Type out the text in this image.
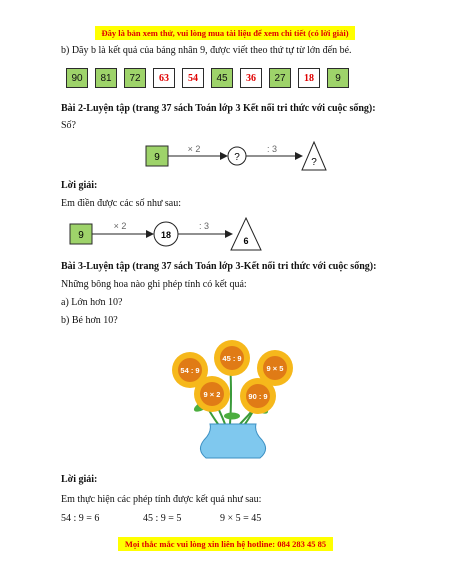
Đây là bản xem thử, vui lòng mua tài liệu để xem chi tiết (có lời giải)
b) Dãy b là kết quả của bảng nhân 9, được viết theo thứ tự từ lớn đến bé.
90	81	72	63	54	45	36	27	18	9
Bài 2-Luyện tập (trang 37 sách Toán lớp 3 Kết nối tri thức với cuộc sống):
Số?
9
× 2
?
: 3
?
Lời giải:
Em điền được các số như sau:
9
× 2
18
: 3
6
Bài 3-Luyện tập (trang 37 sách Toán lớp 3-Kết nối tri thức với cuộc sống):
Những bông hoa nào ghi phép tính có kết quả:
a) Lớn hơn 10?
b) Bé hơn 10?
54 : 9
45 : 9
9 × 5
9 × 2	90 : 9
Lời giải:
Em thực hiện các phép tính được kết quả như sau:
54 : 9 = 6	45 : 9 = 5	9 × 5 = 45
Mọi thắc mắc vui lòng xin liên hệ hotline: 084 283 45 85
